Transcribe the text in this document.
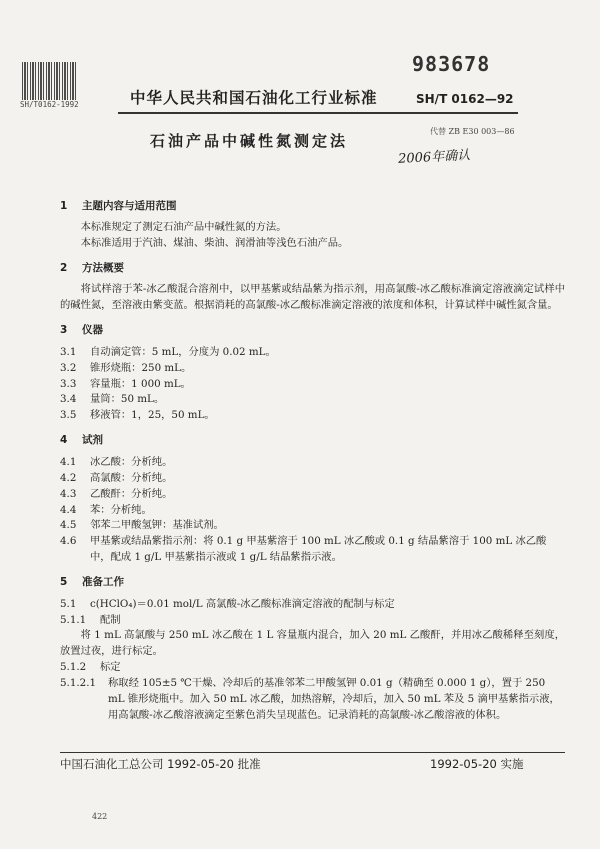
SH/T0162-1992
983678
中华人民共和国石油化工行业标准	SH/T 0162—92
石油产品中碱性氮测定法
代替 ZB E30 003—86
2006年确认
1 主题内容与适用范围

本标准规定了测定石油产品中碱性氮的方法。

本标准适用于汽油、煤油、柴油、润滑油等浅色石油产品。

2 方法概要

将试样溶于苯-冰乙酸混合溶剂中，以甲基紫或结晶紫为指示剂，用高氯酸-冰乙酸标准滴定溶液滴定试样中的碱性氮，至溶液由紫变蓝。根据消耗的高氯酸-冰乙酸标准滴定溶液的浓度和体积，计算试样中碱性氮含量。

3 仪器
3.1	自动滴定管：5 mL，分度为 0.02 mL。
3.2	锥形烧瓶：250 mL。
3.3	容量瓶：1 000 mL。
3.4	量筒：50 mL。
3.5	移液管：1，25，50 mL。
4 试剂
4.1	冰乙酸：分析纯。
4.2	高氯酸：分析纯。
4.3	乙酸酐：分析纯。
4.4	苯：分析纯。
4.5	邻苯二甲酸氢钾：基准试剂。
4.6	甲基紫或结晶紫指示剂：将 0.1 g 甲基紫溶于 100 mL 冰乙酸或 0.1 g 结晶紫溶于 100 mL 冰乙酸中，配成 1 g/L 甲基紫指示液或 1 g/L 结晶紫指示液。
5 准备工作
5.1	c(HClO₄)＝0.01 mol/L 高氯酸-冰乙酸标准滴定溶液的配制与标定
5.1.1	配制

将 1 mL 高氯酸与 250 mL 冰乙酸在 1 L 容量瓶内混合，加入 20 mL 乙酸酐，并用冰乙酸稀释至刻度，放置过夜，进行标定。

5.1.2	标定
5.1.2.1	称取经 105±5 ℃干燥、冷却后的基准邻苯二甲酸氢钾 0.01 g（精确至 0.000 1 g），置于 250 mL 锥形烧瓶中。加入 50 mL 冰乙酸，加热溶解，冷却后，加入 50 mL 苯及 5 滴甲基紫指示液，用高氯酸-冰乙酸溶液滴定至紫色消失呈现蓝色。记录消耗的高氯酸-冰乙酸溶液的体积。
中国石油化工总公司 1992-05-20 批准	1992-05-20 实施
422
